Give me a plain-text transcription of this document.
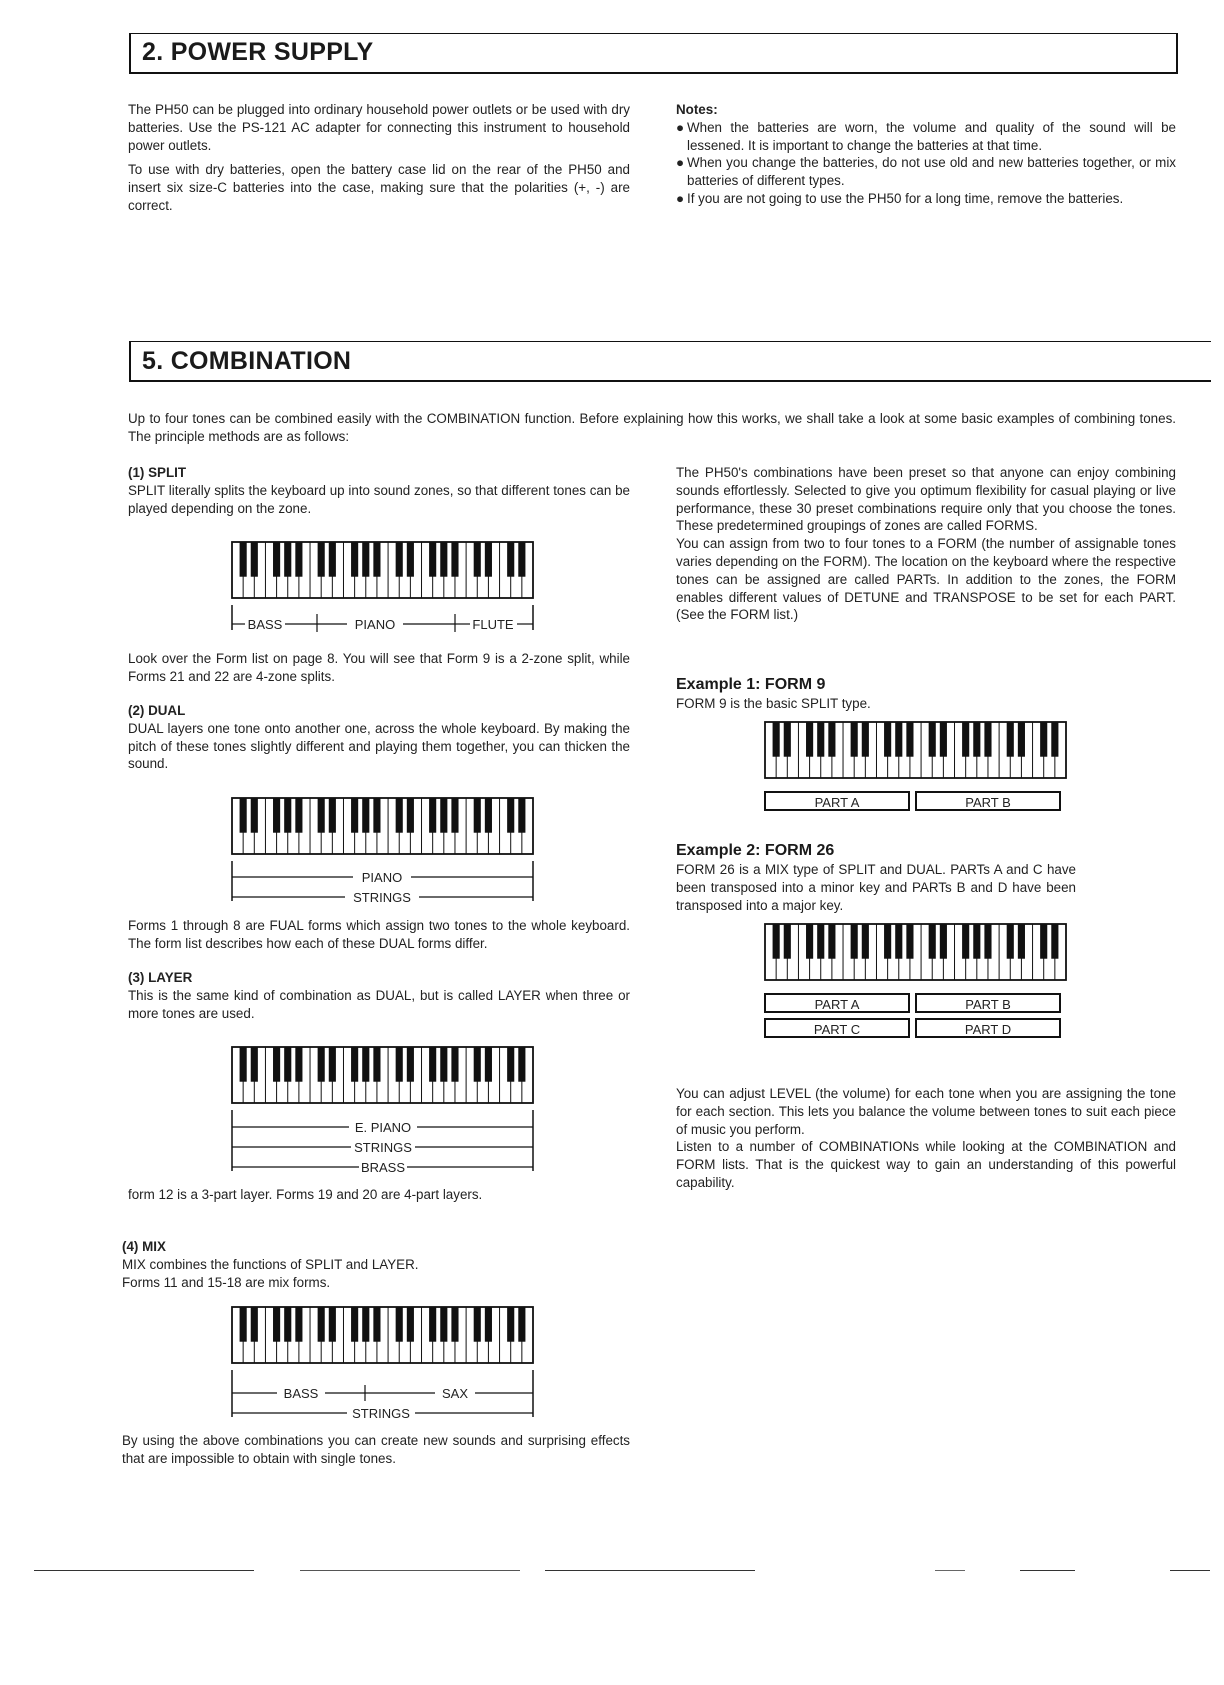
2. POWER SUPPLY

The PH50 can be plugged into ordinary household power outlets or be used with dry batteries. Use the PS-121 AC adapter for connecting this instrument to household power outlets.

To use with dry batteries, open the battery case lid on the rear of the PH50 and insert six size-C batteries into the case, making sure that the polarities (+, -) are correct.

Notes:
● When the batteries are worn, the volume and quality of the sound will be lessened. It is important to change the batteries at that time.
● When you change the batteries, do not use old and new batteries together, or mix batteries of different types.
● If you are not going to use the PH50 for a long time, remove the batteries.
5. COMBINATION
Up to four tones can be combined easily with the COMBINATION function. Before explaining how this works, we shall take a look at some basic examples of combining tones. The principle methods are as follows:
(1) SPLIT

SPLIT literally splits the keyboard up into sound zones, so that different tones can be played depending on the zone.

BASS	PIANO	FLUTE
Look over the Form list on page 8. You will see that Form 9 is a 2-zone split, while Forms 21 and 22 are 4-zone splits.
(2) DUAL

DUAL layers one tone onto another one, across the whole keyboard. By making the pitch of these tones slightly different and playing them together, you can thicken the sound.

PIANO
STRINGS
Forms 1 through 8 are FUAL forms which assign two tones to the whole keyboard. The form list describes how each of these DUAL forms differ.
(3) LAYER

This is the same kind of combination as DUAL, but is called LAYER when three or more tones are used.

E. PIANO
STRINGS
BRASS
form 12 is a 3-part layer. Forms 19 and 20 are 4-part layers.
(4) MIX

MIX combines the functions of SPLIT and LAYER.

Forms 11 and 15-18 are mix forms.

BASS	SAX
STRINGS
By using the above combinations you can create new sounds and surprising effects that are impossible to obtain with single tones.

The PH50's combinations have been preset so that anyone can enjoy combining sounds effortlessly. Selected to give you optimum flexibility for casual playing or live performance, these 30 preset combinations require only that you choose the tones. These predetermined groupings of zones are called FORMS.

You can assign from two to four tones to a FORM (the number of assignable tones varies depending on the FORM). The location on the keyboard where the respective tones can be assigned are called PARTs. In addition to the zones, the FORM enables different values of DETUNE and TRANSPOSE to be set for each PART. (See the FORM list.)

Example 1: FORM 9
FORM 9 is the basic SPLIT type.
PART A	PART B
Example 2: FORM 26
FORM 26 is a MIX type of SPLIT and DUAL. PARTs A and C have been transposed into a minor key and PARTs B and D have been transposed into a major key.
PART A	PART B
PART C	PART D

You can adjust LEVEL (the volume) for each tone when you are assigning the tone for each section. This lets you balance the volume between tones to suit each piece of music you perform.

Listen to a number of COMBINATIONs while looking at the COMBINATION and FORM lists. That is the quickest way to gain an understanding of this powerful capability.
